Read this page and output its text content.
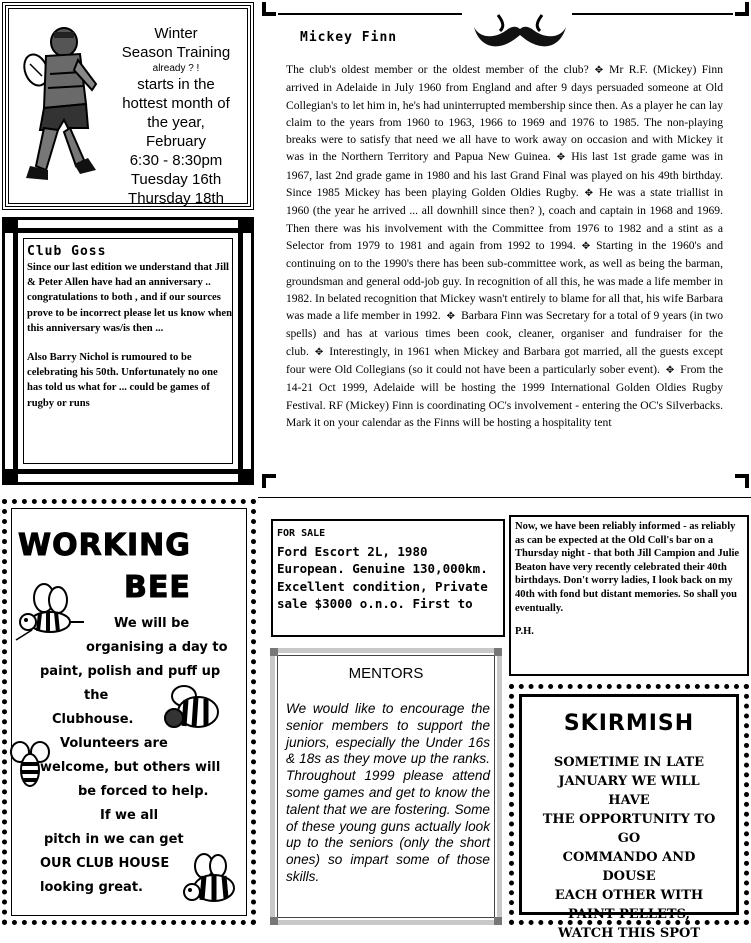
Winter
Season Training
already ? !
starts in the
hottest month of
the year,
February
6:30 - 8:30pm
Tuesday 16th
Thursday 18th
Club Goss

Since our last edition we understand that Jill & Peter Allen have had an anniversary .. congratulations to both , and if our sources prove to be incorrect please let us know when this anniversary was/is then ...

Also Barry Nichol is rumoured to be celebrating his 50th. Unfortunately no one has told us what for ... could be games of rugby or runs

Mickey Finn
The club's oldest member or the oldest member of the club? ✥ Mr R.F. (Mickey) Finn arrived in Adelaide in July 1960 from England and after 9 days persuaded someone at Old Collegian's to let him in, he's had uninterrupted membership since then. As a player he can lay claim to the years from 1960 to 1963, 1966 to 1969 and 1976 to 1985. The non-playing breaks were to satisfy that need we all have to work away on occasion and with Mickey it was in the Northern Territory and Papua New Guinea. ✥ His last 1st grade game was in 1967, last 2nd grade game in 1980 and his last Grand Final was played on his 49th birthday. Since 1985 Mickey has been playing Golden Oldies Rugby. ✥ He was a state triallist in 1960 (the year he arrived ... all downhill since then? ), coach and captain in 1968 and 1969. Then there was his involvement with the Committee from 1976 to 1982 and a stint as a Selector from 1979 to 1981 and again from 1992 to 1994. ✥ Starting in the 1960's and continuing on to the 1990's there has been sub-committee work, as well as being the barman, groundsman and general odd-job guy. In recognition of all this, he was made a life member in 1982. In belated recognition that Mickey wasn't entirely to blame for all that, his wife Barbara was made a life member in 1992. ✥ Barbara Finn was Secretary for a total of 9 years (in two spells) and has at various times been cook, cleaner, organiser and fundraiser for the club. ✥ Interestingly, in 1961 when Mickey and Barbara got married, all the guests except four were Old Collegians (so it could not have been a particularly sober event). ✥ From the 14-21 Oct 1999, Adelaide will be hosting the 1999 International Golden Oldies Rugby Festival. RF (Mickey) Finn is coordinating OC's involvement - entering the OC's Silverbacks. Mark it on your calendar as the Finns will be hosting a hospitality tent
WORKING
BEE
We will be
organising a day to
paint, polish and puff up
the
Clubhouse.
Volunteers are
welcome, but others will
be forced to help.
If we all
pitch in we can get
OUR CLUB HOUSE
looking great.
FOR SALE
Ford Escort 2L, 1980 European. Genuine 130,000km. Excellent condition, Private sale $3000 o.n.o. First to
Now, we have been reliably informed - as reliably as can be expected at the Old Coll's bar on a Thursday night - that both Jill Campion and Julie Beaton have very recently celebrated their 40th birthdays. Don't worry ladies, I look back on my 40th with fond but distant memories. So shall you eventually.
P.H.
MENTORS
We would like to encourage the senior members to support the juniors, especially the Under 16s & 18s as they move up the ranks. Throughout 1999 please attend some games and get to know the talent that we are fostering. Some of these young guns actually look up to the seniors (only the short ones) so impart some of those skills.
SKIRMISH
SOMETIME IN LATE
JANUARY WE WILL HAVE
THE OPPORTUNITY TO
GO
COMMANDO AND DOUSE
EACH OTHER WITH
PAINT PELLETS,
WATCH THIS SPOT
